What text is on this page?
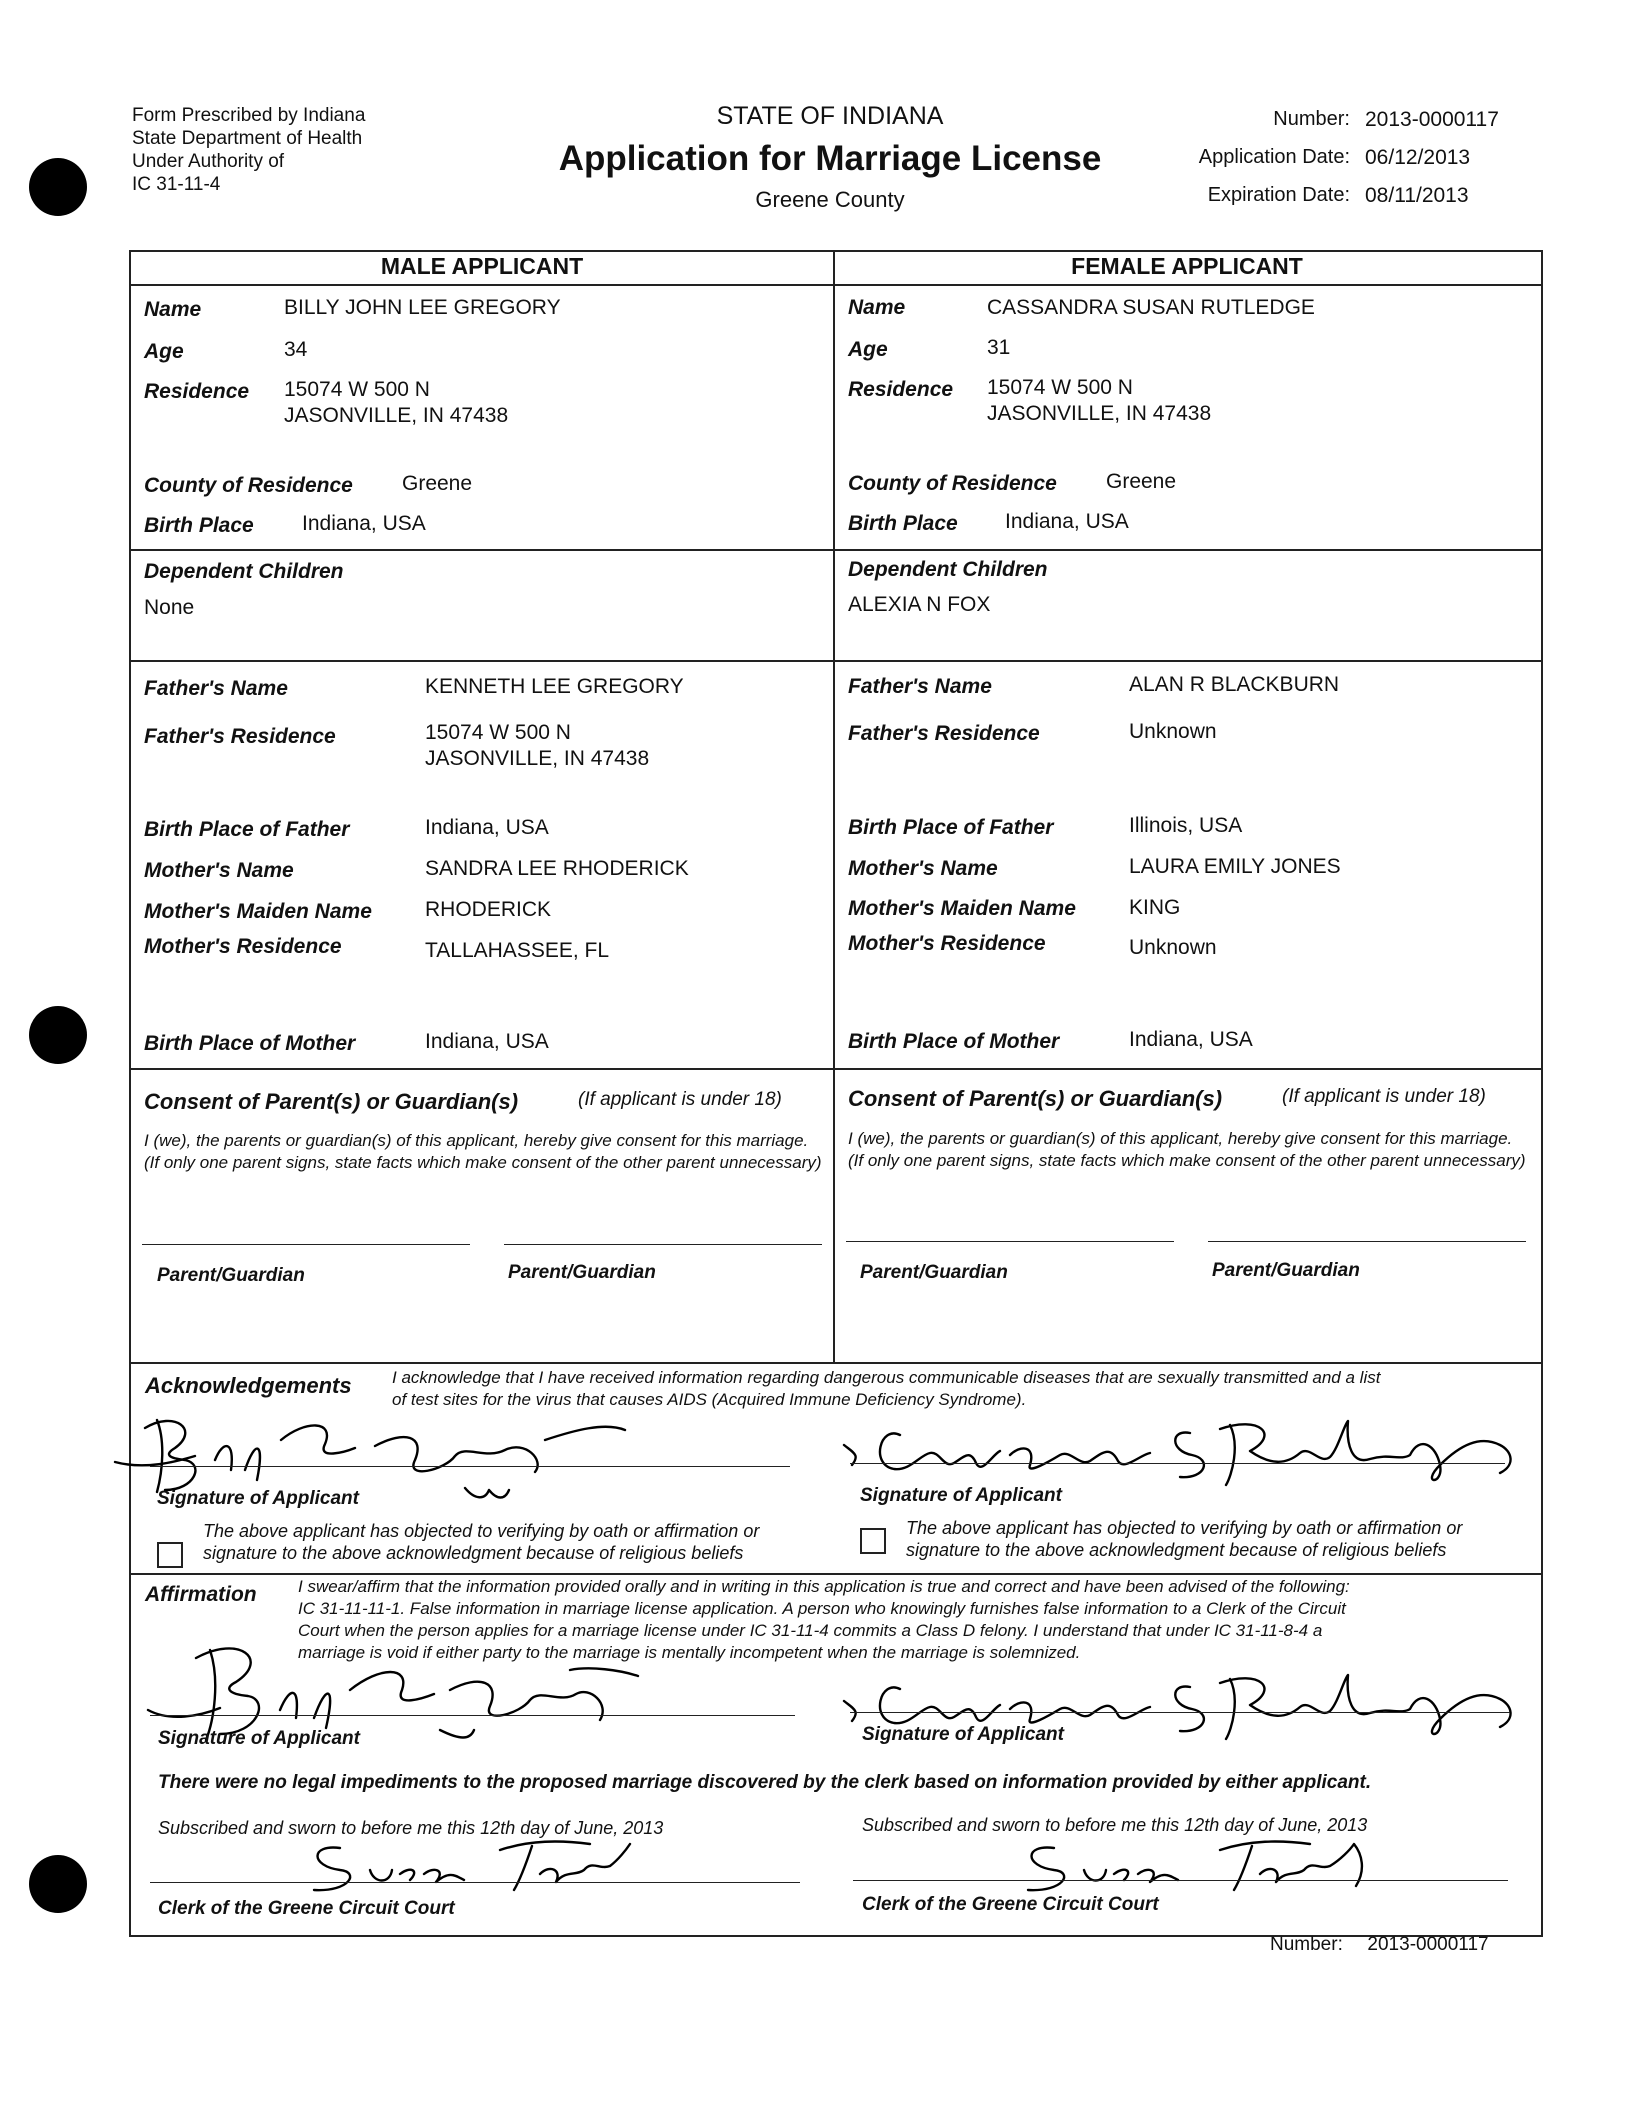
Form Prescribed by Indiana
State Department of Health
Under Authority of
IC 31-11-4
STATE OF INDIANA
Application for Marriage License
Greene County
Number: 2013-0000117
Application Date: 06/12/2013
Expiration Date: 08/11/2013
MALE APPLICANT	FEMALE APPLICANT
Name	BILLY JOHN LEE GREGORY
Age	34
Residence 15074 W 500 N
JASONVILLE, IN 47438
County of Residence Greene
Birth Place Indiana, USA
Dependent Children
None
Father's Name	KENNETH LEE GREGORY
Father's Residence	15074 W 500 N
JASONVILLE, IN 47438
Birth Place of Father	Indiana, USA
Mother's Name	SANDRA LEE RHODERICK
Mother's Maiden Name	RHODERICK
Mother's Residence	TALLAHASSEE, FL
Birth Place of Mother	Indiana, USA
Consent of Parent(s) or Guardian(s)	(If applicant is under 18)
I (we), the parents or guardian(s) of this applicant, hereby give consent for this marriage. (If only one parent signs, state facts which make consent of the other parent unnecessary)
Parent/Guardian	Parent/Guardian
Name	CASSANDRA SUSAN RUTLEDGE
Age	31
Residence 15074 W 500 N
JASONVILLE, IN 47438
County of Residence Greene
Birth Place Indiana, USA
Dependent Children
ALEXIA N FOX
Father's Name	ALAN R BLACKBURN
Father's Residence	Unknown
Birth Place of Father	Illinois, USA
Mother's Name	LAURA EMILY JONES
Mother's Maiden Name	KING
Mother's Residence	Unknown
Birth Place of Mother	Indiana, USA
Consent of Parent(s) or Guardian(s)	(If applicant is under 18)
I (we), the parents or guardian(s) of this applicant, hereby give consent for this marriage. (If only one parent signs, state facts which make consent of the other parent unnecessary)
Parent/Guardian	Parent/Guardian
Acknowledgements I acknowledge that I have received information regarding dangerous communicable diseases that are sexually transmitted and a list
of test sites for the virus that causes AIDS (Acquired Immune Deficiency Syndrome).
Signature of Applicant	Signature of Applicant
The above applicant has objected to verifying by oath or affirmation or signature to the above acknowledgment because of religious beliefs
The above applicant has objected to verifying by oath or affirmation or signature to the above acknowledgment because of religious beliefs
Affirmation I swear/affirm that the information provided orally and in writing in this application is true and correct and have been advised of the following:
IC 31-11-11-1. False information in marriage license application. A person who knowingly furnishes false information to a Clerk of the Circuit
Court when the person applies for a marriage license under IC 31-11-4 commits a Class D felony. I understand that under IC 31-11-8-4 a
marriage is void if either party to the marriage is mentally incompetent when the marriage is solemnized.
Signature of Applicant	Signature of Applicant
There were no legal impediments to the proposed marriage discovered by the clerk based on information provided by either applicant.
Subscribed and sworn to before me this 12th day of June, 2013	Subscribed and sworn to before me this 12th day of June, 2013
Clerk of the Greene Circuit Court	Clerk of the Greene Circuit Court
Number: 2013-0000117
